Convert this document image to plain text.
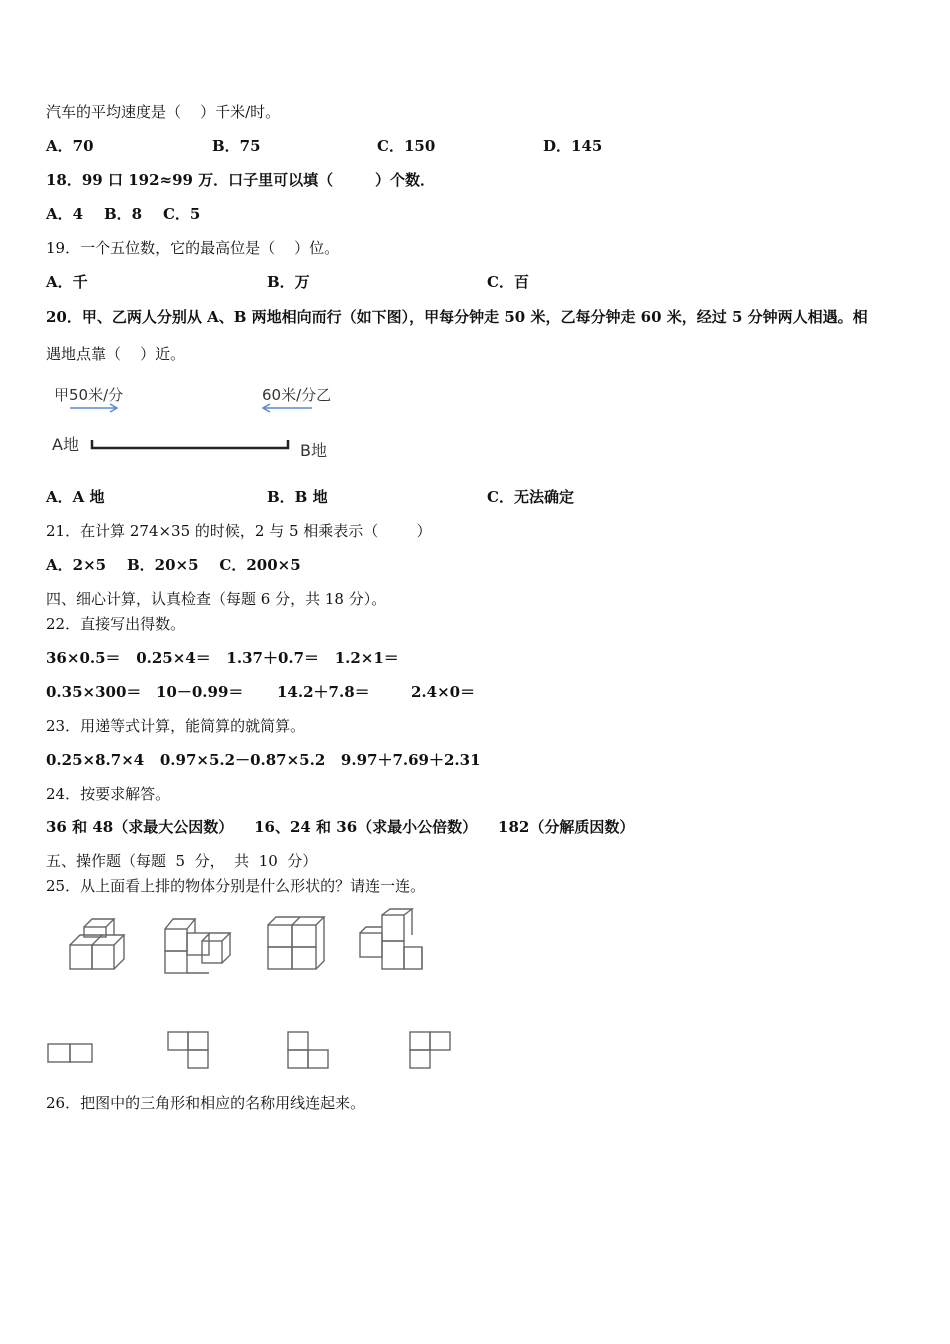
汽车的平均速度是（    ）千米/时。
A．70	B．75	C．150	D．145
18．99 口 192≈99 万．口子里可以填（        ）个数．
A．4    B．8    C．5
19．一个五位数，它的最高位是（    ）位。
A．千	B．万	C．百
20．甲、乙两人分别从 A、B 两地相向而行（如下图），甲每分钟走 50 米，乙每分钟走 60 米，经过 5 分钟两人相遇。相
遇地点靠（    ）近。
甲50米/分	60米/分乙
A地	B地
A．A 地	B．B 地	C．无法确定
21．在计算 274×35 的时候，2 与 5 相乘表示（        ）
A．2×5    B．20×5    C．200×5
四、细心计算，认真检查（每题 6 分，共 18 分）。
22．直接写出得数。
36×0.5＝   0.25×4＝   1.37＋0.7＝   1.2×1＝
0.35×300＝ 10－0.99＝ 14.2＋7.8＝	2.4×0＝
23．用递等式计算，能简算的就简算。
0.25×8.7×4   0.97×5.2－0.87×5.2   9.97＋7.69＋2.31
24．按要求解答。
36 和 48（求最大公因数）    16、24 和 36（求最小公倍数）    182（分解质因数）
五、操作题（每题  5  分，  共  10  分）
25．从上面看上排的物体分别是什么形状的？请连一连。
26．把图中的三角形和相应的名称用线连起来。
